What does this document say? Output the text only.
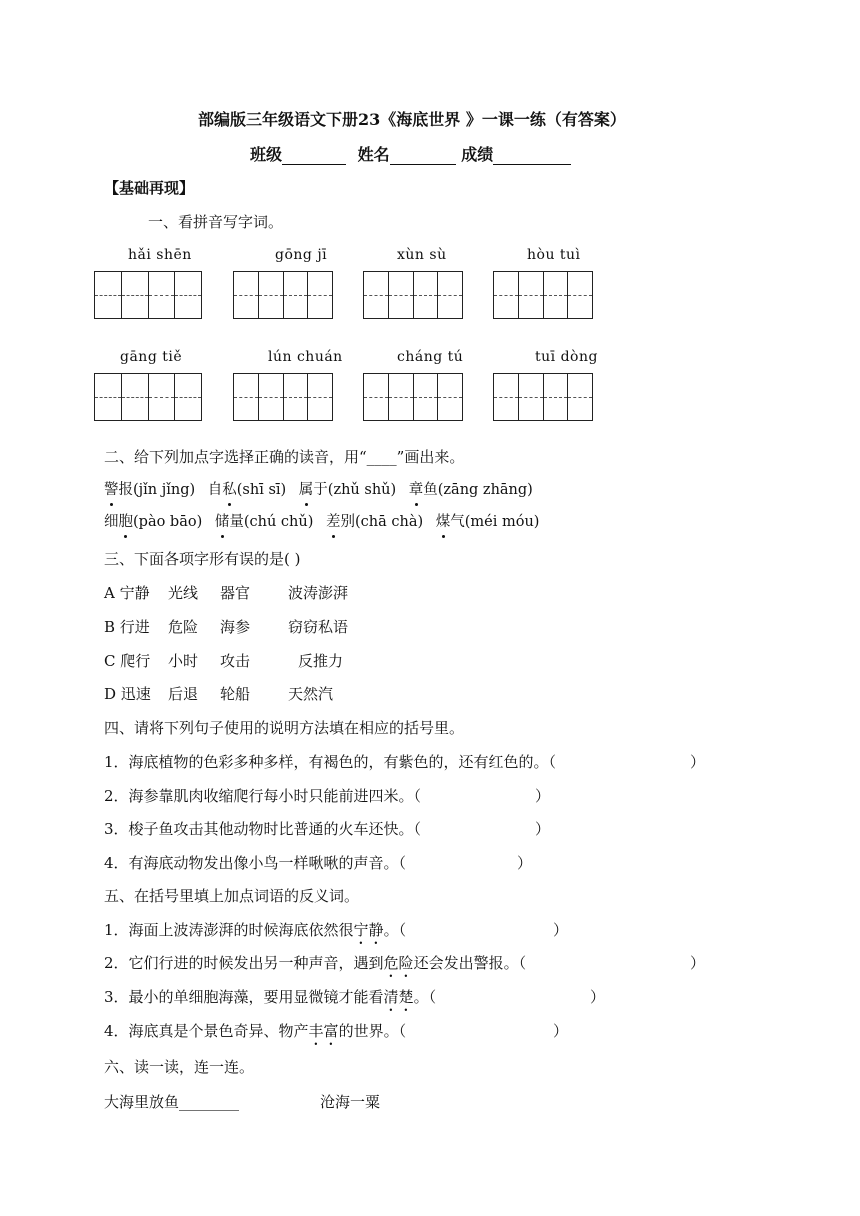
部编版三年级语文下册23《海底世界 》一课一练（有答案）
班级	姓名	成绩
【基础再现】
一、看拼音写字词。
hǎi shēn	gōng jī	xùn sù	hòu tuì
gāng tiě	lún chuán	cháng tú	tuī dòng
二、给下列加点字选择正确的读音，用“____”画出来。
警报(jǐn jǐng) 自私(shī sī) 属于(zhǔ shǔ) 章鱼(zāng zhāng)
细胞(pào bāo) 储量(chú chǔ) 差别(chā chà) 煤气(méi móu)
三、下面各项字形有误的是( )
A 宁静 光线 器官	波涛澎湃
B 行进 危险 海参	窃窃私语
C 爬行 小时 攻击	反推力
D 迅速 后退 轮船	天然汽
四、请将下列句子使用的说明方法填在相应的括号里。
1．海底植物的色彩多种多样，有褐色的，有紫色的，还有红色的。（	）
2．海参靠肌肉收缩爬行每小时只能前进四米。（	）
3．梭子鱼攻击其他动物时比普通的火车还快。（	）
4．有海底动物发出像小鸟一样啾啾的声音。（	）
五、在括号里填上加点词语的反义词。
1．海面上波涛澎湃的时候海底依然很宁静。（	）
2．它们行进的时候发出另一种声音，遇到危险还会发出警报。（	）
3．最小的单细胞海藻，要用显微镜才能看清楚。（	）
4．海底真是个景色奇异、物产丰富的世界。（	）
六、读一读，连一连。
大海里放鱼________	沧海一粟
